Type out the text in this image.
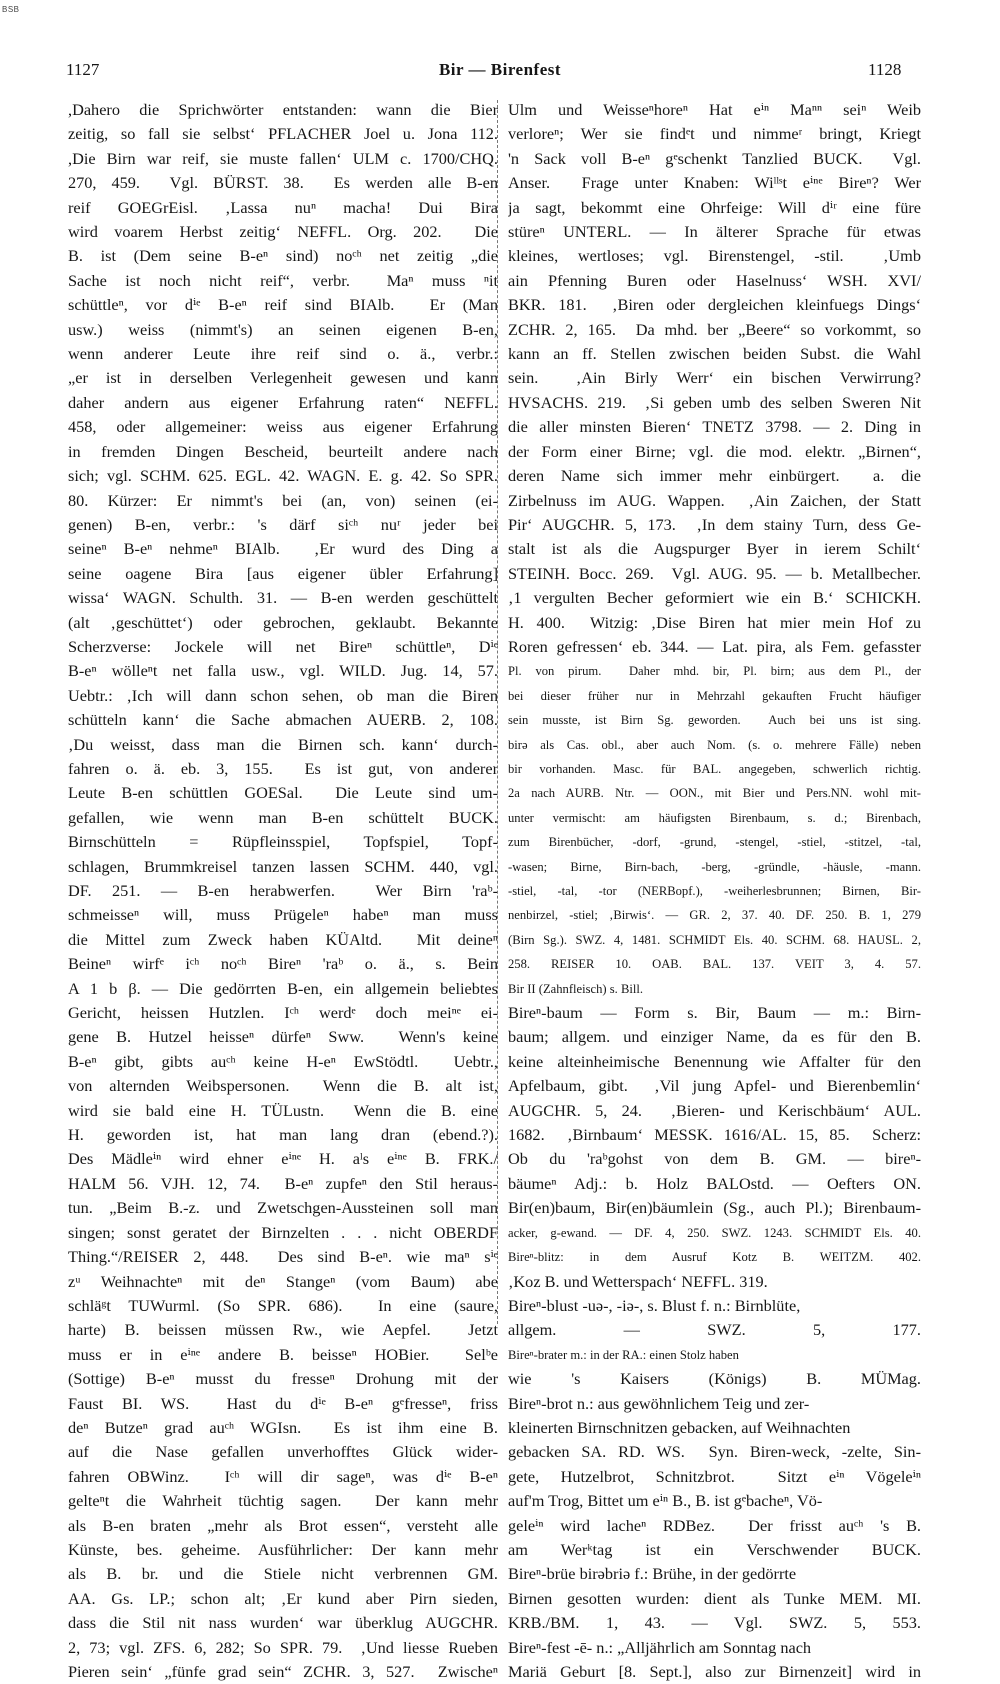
BSB
1127	Bir — Birenfest	1128
,Dahero die Sprichwörter entstanden: wann die Bier
zeitig, so fall sie selbst‘ PFLACHER Joel u. Jona 112.
,Die Birn war reif, sie muste fallen‘ ULM c. 1700/CHQ.
270, 459.  Vgl. BÜRST. 38.  Es werden alle B-en
reif GOEGrEisl. ‚Lassa nuⁿ macha! Dui Bira
wird voarem Herbst zeitig‘ NEFFL. Org. 202.  Die
B. ist (Dem seine B-eⁿ sind) noᶜʰ net zeitig „die
Sache ist noch nicht reif“, verbr.  Maⁿ muss ⁿit
schüttleⁿ, vor dⁱᵉ B-eⁿ reif sind BIAlb.  Er (Man
usw.) weiss (nimmt's) an seinen eigenen B-en,
wenn anderer Leute ihre reif sind o. ä., verbr.:
„er ist in derselben Verlegenheit gewesen und kann
daher andern aus eigener Erfahrung raten“ NEFFL.
458, oder allgemeiner: weiss aus eigener Erfahrung
in fremden Dingen Bescheid, beurteilt andere nach
sich; vgl. SCHM. 625. EGL. 42. WAGN. E. g. 42. So SPR.
80. Kürzer: Er nimmt's bei (an, von) seinen (ei-
genen) B-en, verbr.: 's därf siᶜʰ nuʳ jeder bei
seineⁿ B-eⁿ nehmeⁿ BIAlb.  ‚Er wurd des Ding a
seine oagene Bira [aus eigener übler Erfahrung]
wissa‘ WAGN. Schulth. 31. — B-en werden geschüttelt
(alt ‚geschüttet‘) oder gebrochen, geklaubt. Bekannte
Scherzverse: Jockele will net Bireⁿ schüttleⁿ, Dⁱᵉ
B-eⁿ wölleⁿt net falla usw., vgl. WILD. Jug. 14, 57.
Uebtr.: ‚Ich will dann schon sehen, ob man die Biren
schütteln kann‘ die Sache abmachen AUERB. 2, 108.
‚Du weisst, dass man die Birnen sch. kann‘ durch-
fahren o. ä. eb. 3, 155.  Es ist gut, von anderer
Leute B-en schüttlen GOESal.  Die Leute sind um-
gefallen, wie wenn man B-en schüttelt BUCK.
Birnschütteln = Rüpfleinsspiel, Topfspiel, Topf-
schlagen, Brummkreisel tanzen lassen SCHM. 440, vgl.
DF. 251. — B-en herabwerfen.  Wer Birn 'raᵇ-
schmeisseⁿ will, muss Prügeleⁿ habeⁿ man muss
die Mittel zum Zweck haben KÜAltd.  Mit deineⁿ
Beineⁿ wirfᵉ iᶜʰ noᶜʰ Bireⁿ 'raᵇ o. ä., s. Bein
A 1 b β. — Die gedörrten B-en, ein allgemein beliebtes
Gericht, heissen Hutzlen. Iᶜʰ werdᵉ doch meiⁿᵉ ei-
gene B. Hutzel heisseⁿ dürfeⁿ Sww.  Wenn's keine
B-eⁿ gibt, gibts auᶜʰ keine H-eⁿ EwStödtl.  Uebtr.,
von alternden Weibspersonen.  Wenn die B. alt ist,
wird sie bald eine H. TÜLustn.  Wenn die B. eine
H. geworden ist, hat man lang dran (ebend.?).
Des Mädleⁱⁿ wird ehner eⁱⁿᵉ H. aˡs eⁱⁿᵉ B. FRK./
HALM 56. VJH. 12, 74.  B-eⁿ zupfeⁿ den Stil heraus-
tun. „Beim B.-z. und Zwetschgen-Aussteinen soll man
singen; sonst geratet der Birnzelten . . . nicht OBERDF
Thing.“/REISER 2, 448.  Des sind B-eⁿ. wie maⁿ sⁱᵉ
zᵘ Weihnachteⁿ mit deⁿ Stangeⁿ (vom Baum) abe
schläᵍt TUWurml. (So SPR. 686).  In eine (saure,
harte) B. beissen müssen Rw., wie Aepfel.  Jetzt
muss er in eⁱⁿᵉ andere B. beisseⁿ HOBier.  Selᵇe
(Sottige) B-eⁿ musst du fresseⁿ Drohung mit der
Faust BI. WS.  Hast du dⁱᵉ B-eⁿ gᵉfresseⁿ, friss
deⁿ Butzeⁿ grad auᶜʰ WGIsn.  Es ist ihm eine B.
auf die Nase gefallen unverhofftes Glück wider-
fahren OBWinz.  Iᶜʰ will dir sageⁿ, was dⁱᵉ B-eⁿ
gelteⁿt die Wahrheit tüchtig sagen.  Der kann mehr
als B-en braten „mehr als Brot essen“, versteht alle
Künste, bes. geheime. Ausführlicher: Der kann mehr
als B. br. und die Stiele nicht verbrennen GM.
AA. Gs. LP.; schon alt; ‚Er kund aber Pirn sieden,
dass die Stil nit nass wurden‘ war überklug AUGCHR.
2, 73; vgl. ZFS. 6, 282; So SPR. 79.  ‚Und liesse Rueben
Pieren sein‘ „fünfe grad sein“ ZCHR. 3, 527.  Zwischeⁿ
Ulm und Weisseⁿhoreⁿ Hat eⁱⁿ Maⁿⁿ seiⁿ Weib
verloreⁿ; Wer sie findᵉt und nimmeʳ bringt, Kriegt
'n Sack voll B-eⁿ gᵉschenkt Tanzlied BUCK.  Vgl.
Anser.  Frage unter Knaben: Wiˡˡˢt eⁱⁿᵉ Bireⁿ? Wer
ja sagt, bekommt eine Ohrfeige: Will dⁱʳ eine füre
stüreⁿ UNTERL. — In älterer Sprache für etwas
kleines, wertloses; vgl. Birenstengel, -stil.  ‚Umb
ain Pfenning Buren oder Haselnuss‘ WSH. XVI/
BKR. 181.  ‚Biren oder dergleichen kleinfuegs Dings‘
ZCHR. 2, 165.  Da mhd. ber „Beere“ so vorkommt, so
kann an ff. Stellen zwischen beiden Subst. die Wahl
sein.  ‚Ain Birly Werr‘ ein bischen Verwirrung?
HVSACHS. 219.  ‚Si geben umb des selben Sweren Nit
die aller minsten Bieren‘ TNETZ 3798. — 2. Ding in
der Form einer Birne; vgl. die mod. elektr. „Birnen“,
deren Name sich immer mehr einbürgert.  a. die
Zirbelnuss im AUG. Wappen.  ‚Ain Zaichen, der Statt
Pir‘ AUGCHR. 5, 173.  ‚In dem stainy Turn, dess Ge-
stalt ist als die Augspurger Byer in ierem Schilt‘
STEINH. Bocc. 269.  Vgl. AUG. 95. — b. Metallbecher.
‚1 vergulten Becher geformiert wie ein B.‘ SCHICKH.
H. 400.  Witzig: ‚Dise Biren hat mier mein Hof zu
Roren gefressen‘ eb. 344. — Lat. pira, als Fem. gefasster
Pl. von pirum.  Daher mhd. bir, Pl. birn; aus dem Pl., der
bei dieser früher nur in Mehrzahl gekauften Frucht häufiger
sein musste, ist Birn Sg. geworden.  Auch bei uns ist sing.
birə als Cas. obl., aber auch Nom. (s. o. mehrere Fälle) neben
bir vorhanden. Masc. für BAL. angegeben, schwerlich richtig.
2a nach AURB. Ntr. — OON., mit Bier und Pers.NN. wohl mit-
unter vermischt: am häufigsten Birenbaum, s. d.; Birenbach,
zum Birenbücher, -dorf, -grund, -stengel, -stiel, -stitzel, -tal,
-wasen; Birne, Birn-bach, -berg, -gründle, -häusle, -mann.
-stiel, -tal, -tor (NERBopf.), -weiherlesbrunnen; Birnen, Bir-
nenbirzel, -stiel; ‚Birwis‘. — GR. 2, 37. 40. DF. 250. B. 1, 279
(Birn Sg.). SWZ. 4, 1481. SCHMIDT Els. 40. SCHM. 68. HAUSL. 2,
258. REISER 10. OAB. BAL. 137. VEIT 3, 4. 57.
Bir II (Zahnfleisch) s. Bill.
Bireⁿ-baum — Form s. Bir, Baum — m.: Birn-
baum; allgem. und einziger Name, da es für den B.
keine alteinheimische Benennung wie Affalter für den
Apfelbaum, gibt.  ‚Vil jung Apfel- und Bierenbemlin‘
AUGCHR. 5, 24.  ‚Bieren- und Kerischbäum‘ AUL.
1682.  ‚Birnbaum‘ MESSK. 1616/AL. 15, 85.  Scherz:
Ob du 'raᵇgohst von dem B. GM. — bireⁿ-
bäumeⁿ Adj.: b. Holz BALOstd. — Oefters ON.
Bir(en)baum, Bir(en)bäumlein (Sg., auch Pl.); Birenbaum-
acker, g-ewand. — DF. 4, 250. SWZ. 1243. SCHMIDT Els. 40.
Bireⁿ-blitz: in dem Ausruf Kotz B. WEITZM. 402.
‚Koz B. und Wetterspach‘ NEFFL. 319.
Bireⁿ-blust -uə-, -iə-, s. Blust f. n.: Birnblüte,
allgem. — SWZ. 5, 177.
Bireⁿ-brater m.: in der RA.: einen Stolz haben
wie 's Kaisers (Königs) B. MÜMag.
Bireⁿ-brot n.: aus gewöhnlichem Teig und zer-
kleinerten Birnschnitzen gebacken, auf Weihnachten
gebacken SA. RD. WS.  Syn. Biren-weck, -zelte, Sin-
gete, Hutzelbrot, Schnitzbrot.  Sitzt eⁱⁿ Vögeleⁱⁿ
auf'm Trog, Bittet um eⁱⁿ B., B. ist gᵉbacheⁿ, Vö-
geleⁱⁿ wird lacheⁿ RDBez.  Der frisst auᶜʰ 's B.
am Werᵏtag ist ein Verschwender BUCK.
Bireⁿ-brüe birəbriə f.: Brühe, in der gedörrte
Birnen gesotten wurden: dient als Tunke MEM. MI.
KRB./BM. 1, 43. — Vgl. SWZ. 5, 553.
Bireⁿ-fest -ē- n.: „Alljährlich am Sonntag nach
Mariä Geburt [8. Sept.], also zur Birnenzeit] wird in
